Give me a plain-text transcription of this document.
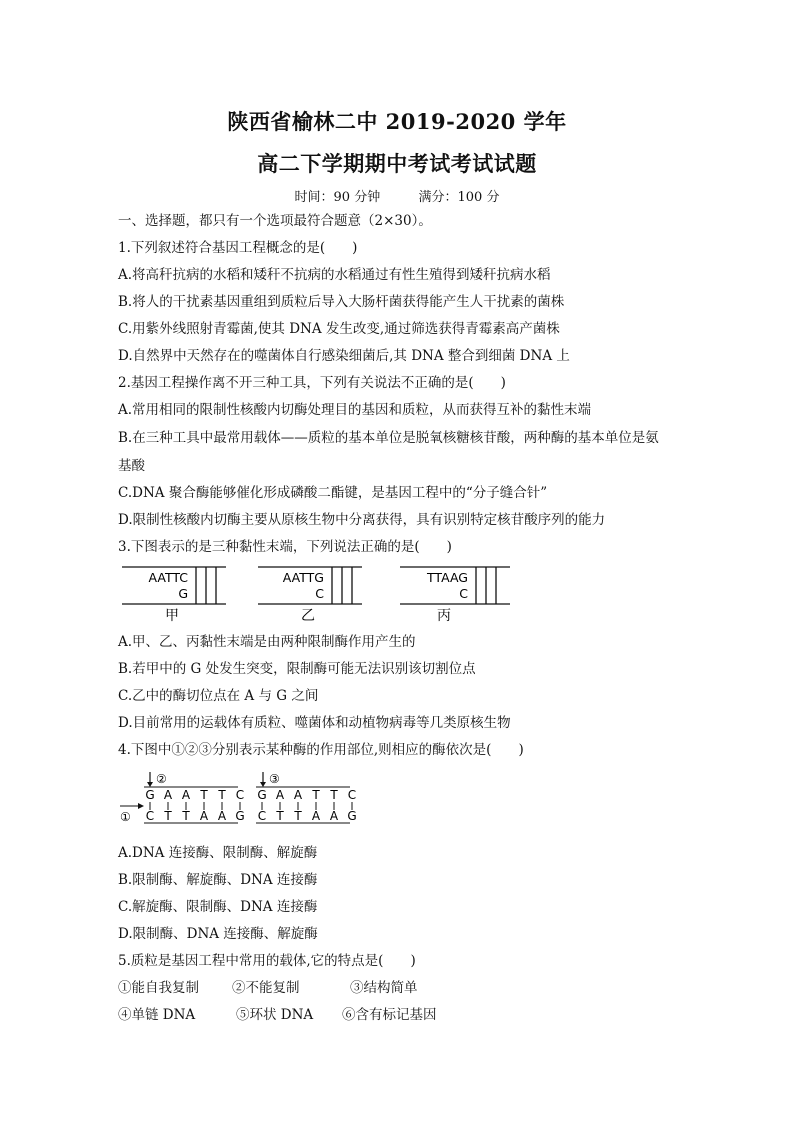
陕西省榆林二中 2019-2020 学年
高二下学期期中考试考试试题
时间：90 分钟	满分：100 分
一、选择题，都只有一个选项最符合题意（2×30）。
1.下列叙述符合基因工程概念的是(　　)
A.将高秆抗病的水稻和矮秆不抗病的水稻通过有性生殖得到矮秆抗病水稻
B.将人的干扰素基因重组到质粒后导入大肠杆菌获得能产生人干扰素的菌株
C.用紫外线照射青霉菌,使其 DNA 发生改变,通过筛选获得青霉素高产菌株
D.自然界中天然存在的噬菌体自行感染细菌后,其 DNA 整合到细菌 DNA 上
2.基因工程操作离不开三种工具，下列有关说法不正确的是(　　)
A.常用相同的限制性核酸内切酶处理目的基因和质粒，从而获得互补的黏性末端
B.在三种工具中最常用载体——质粒的基本单位是脱氧核糖核苷酸，两种酶的基本单位是氨
基酸
C.DNA 聚合酶能够催化形成磷酸二酯键，是基因工程中的“分子缝合针”
D.限制性核酸内切酶主要从原核生物中分离获得，具有识别特定核苷酸序列的能力
3.下图表示的是三种黏性末端，下列说法正确的是(　　)
AATTC
G
甲
AATTG
C
乙
TTAAG
C
丙
A.甲、乙、丙黏性末端是由两种限制酶作用产生的
B.若甲中的 G 处发生突变，限制酶可能无法识别该切割位点
C.乙中的酶切位点在 A 与 G 之间
D.目前常用的运载体有质粒、噬菌体和动植物病毒等几类原核生物
4.下图中①②③分别表示某种酶的作用部位,则相应的酶依次是(　　)
②	③
G A A T T C
C T T A A G
G A A T T C
C T T A A G
①
A.DNA 连接酶、限制酶、解旋酶
B.限制酶、解旋酶、DNA 连接酶
C.解旋酶、限制酶、DNA 连接酶
D.限制酶、DNA 连接酶、解旋酶
5.质粒是基因工程中常用的载体,它的特点是(　　)
①能自我复制 ②不能复制	③结构简单
④单链 DNA	⑤环状 DNA ⑥含有标记基因
